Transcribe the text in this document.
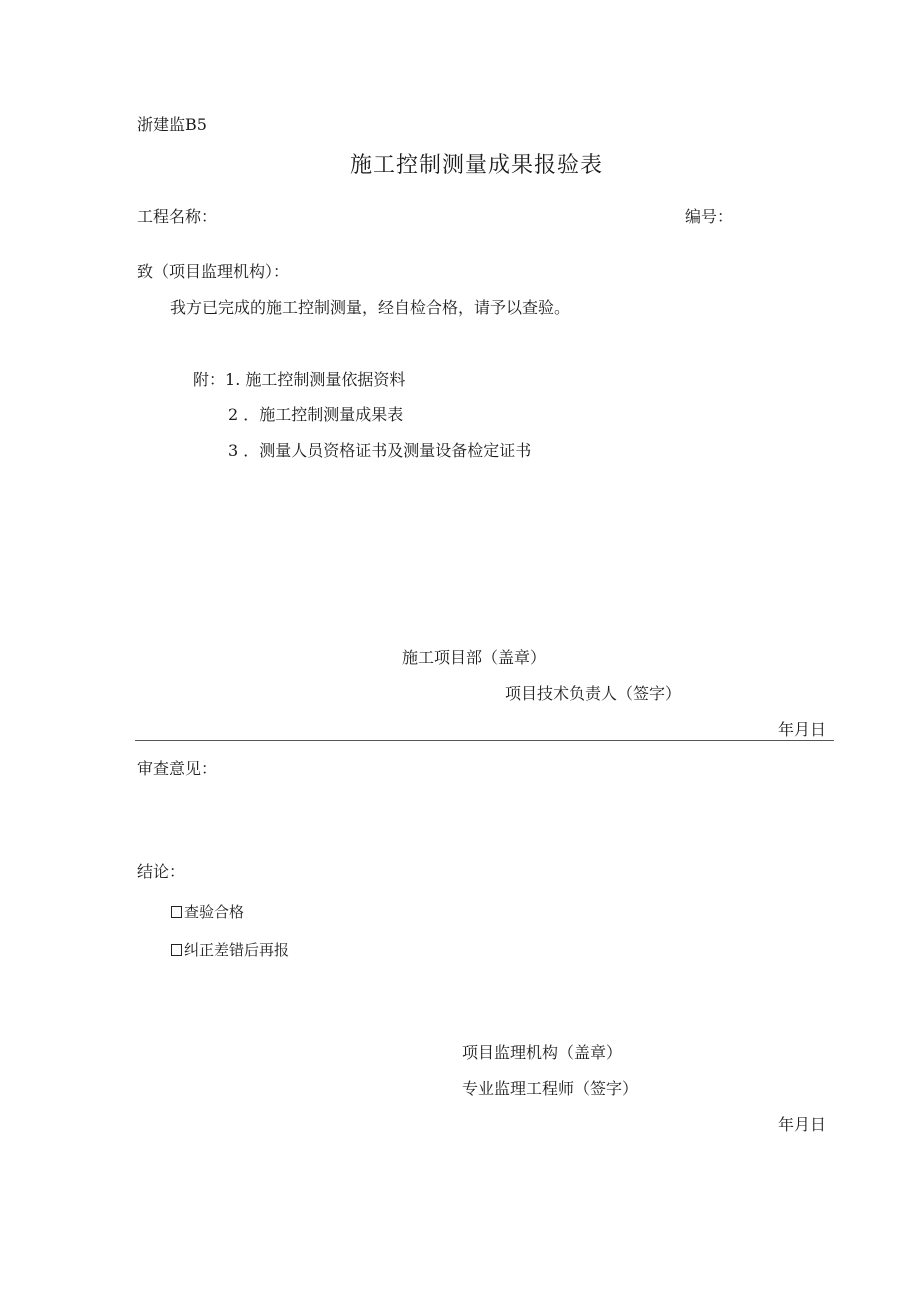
浙建监B5
施工控制测量成果报验表
工程名称：	编号：
致（项目监理机构）：
我方已完成的施工控制测量，经自检合格，请予以查验。
附：1. 施工控制测量依据资料
2 ．施工控制测量成果表
3 ．测量人员资格证书及测量设备检定证书
施工项目部（盖章）
项目技术负责人（签字）
年月日
审查意见：
结论：
查验合格
纠正差错后再报
项目监理机构（盖章）
专业监理工程师（签字）
年月日
